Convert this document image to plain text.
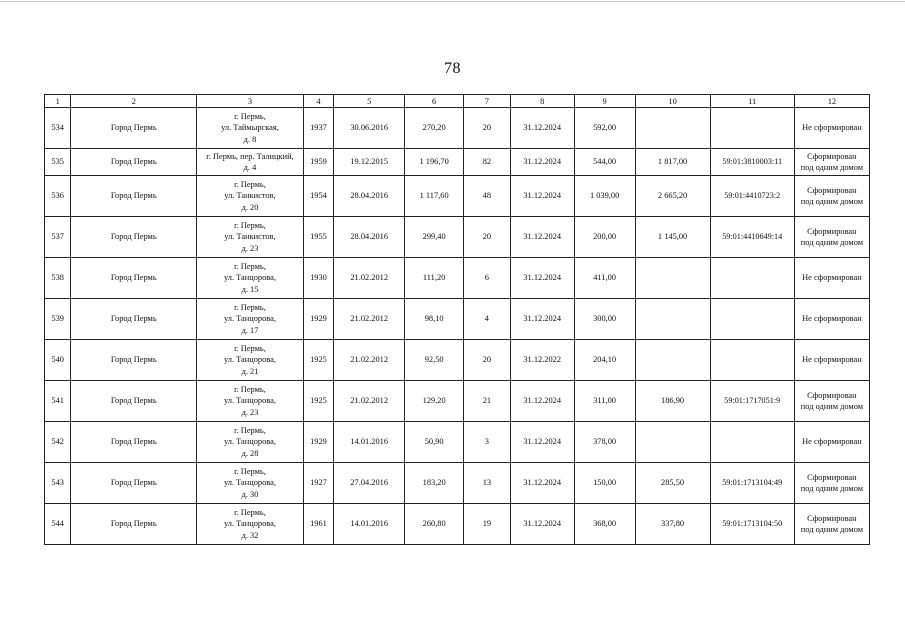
78
1	2	3	4	5	6	7	8	9	10	11	12
534	Город Пермь	г. Пермь,
ул. Таймырская,
д. 8	1937	30.06.2016	270,20	20	31.12.2024	592,00			Не сформирован

535	Город Пермь	г. Пермь, пер. Талицкий,
д. 4	1959	19.12.2015	1 196,70	82	31.12.2024	544,00	1 817,00	59:01:3810003:11	Сформирован
под одним домом

536	Город Пермь	г. Пермь,
ул. Танкистов,
д. 20	1954	28.04.2016	1 117,60	48	31.12.2024	1 039,00	2 665,20	59:01:4410723:2	Сформирован
под одним домом

537	Город Пермь	г. Пермь,
ул. Танкистов,
д. 23	1955	28.04.2016	299,40	20	31.12.2024	200,00	1 145,00	59:01:4410649:14	Сформирован
под одним домом

538	Город Пермь	г. Пермь,
ул. Танцорова,
д. 15	1930	21.02.2012	111,20	6	31.12.2024	411,00			Не сформирован

539	Город Пермь	г. Пермь,
ул. Танцорова,
д. 17	1929	21.02.2012	98,10	4	31.12.2024	300,00			Не сформирован

540	Город Пермь	г. Пермь,
ул. Танцорова,
д. 21	1925	21.02.2012	92,50	20	31.12.2022	204,10			Не сформирован

541	Город Пермь	г. Пермь,
ул. Танцорова,
д. 23	1925	21.02.2012	129,20	21	31.12.2024	311,00	186,90	59:01:1717051:9	Сформирован
под одним домом

542	Город Пермь	г. Пермь,
ул. Танцорова,
д. 28	1929	14.01.2016	50,90	3	31.12.2024	378,00			Не сформирован

543	Город Пермь	г. Пермь,
ул. Танцорова,
д. 30	1927	27.04.2016	183,20	13	31.12.2024	150,00	285,50	59:01:1713104:49	Сформирован
под одним домом

544	Город Пермь	г. Пермь,
ул. Танцорова,
д. 32	1961	14.01.2016	260,80	19	31.12.2024	368,00	337,80	59:01:1713104:50	Сформирован
под одним домом
